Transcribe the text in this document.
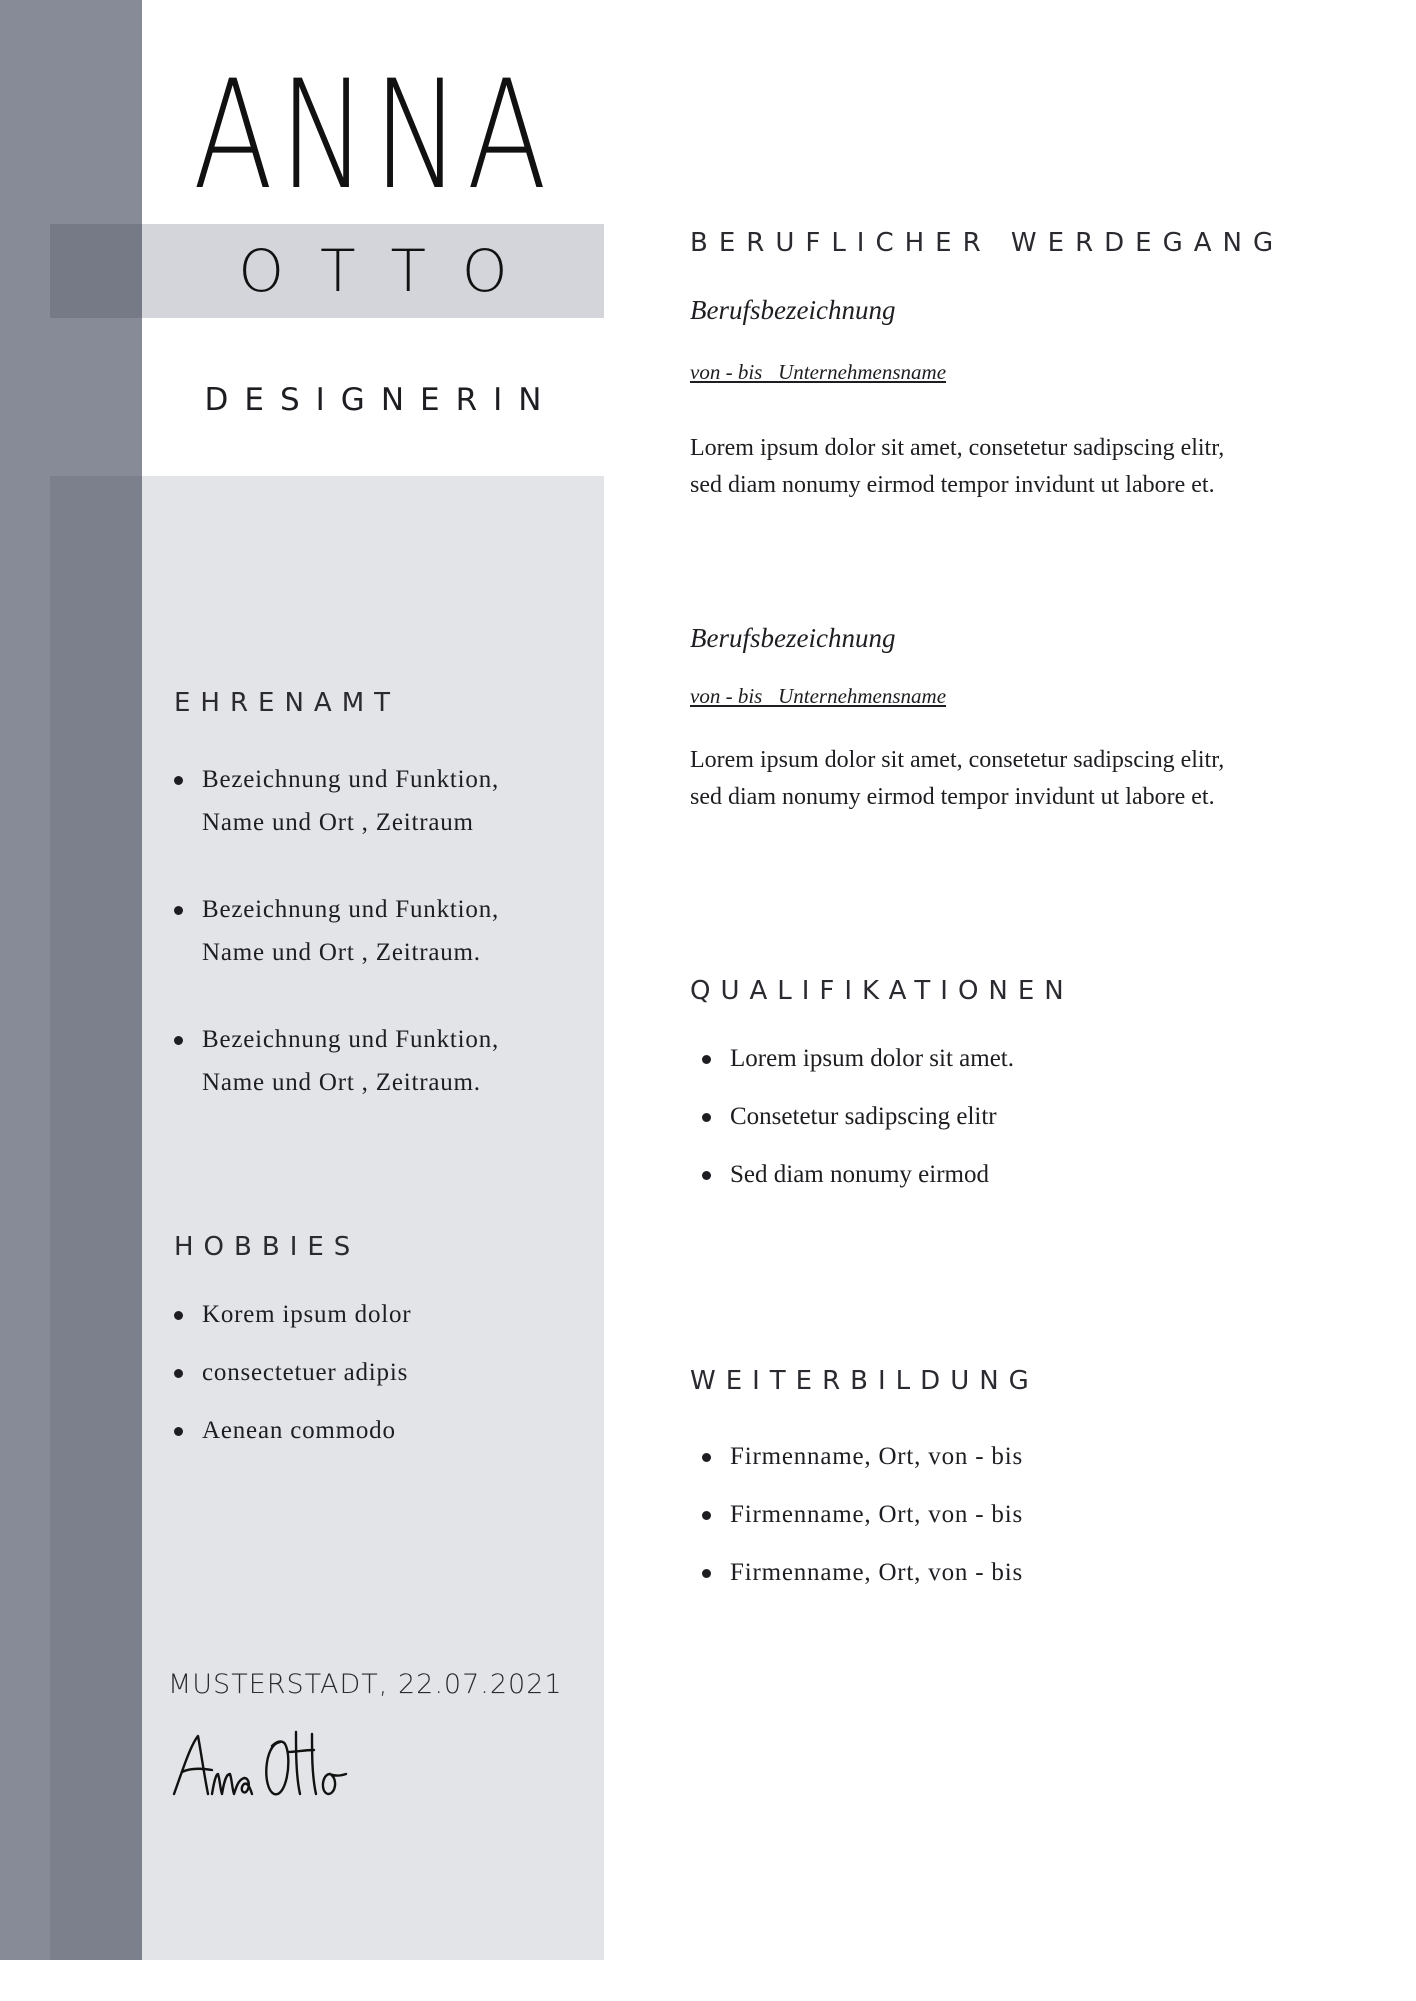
ANNA
OTTO
DESIGNERIN
EHRENAMT
Bezeichnung und Funktion,
Name und Ort , Zeitraum
Bezeichnung und Funktion,
Name und Ort , Zeitraum.
Bezeichnung und Funktion,
Name und Ort , Zeitraum.
HOBBIES
Korem ipsum dolor
consectetuer adipis
Aenean commodo
MUSTERSTADT, 22.07.2021
BERUFLICHER WERDEGANG
Berufsbezeichnung
von - bis   Unternehmensname
Lorem ipsum dolor sit amet, consetetur sadipscing elitr,
sed diam nonumy eirmod tempor invidunt ut labore et.
Berufsbezeichnung
von - bis   Unternehmensname
Lorem ipsum dolor sit amet, consetetur sadipscing elitr,
sed diam nonumy eirmod tempor invidunt ut labore et.
QUALIFIKATIONEN
Lorem ipsum dolor sit amet.
Consetetur sadipscing elitr
Sed diam nonumy eirmod
WEITERBILDUNG
Firmenname, Ort, von - bis
Firmenname, Ort, von - bis
Firmenname, Ort, von - bis
